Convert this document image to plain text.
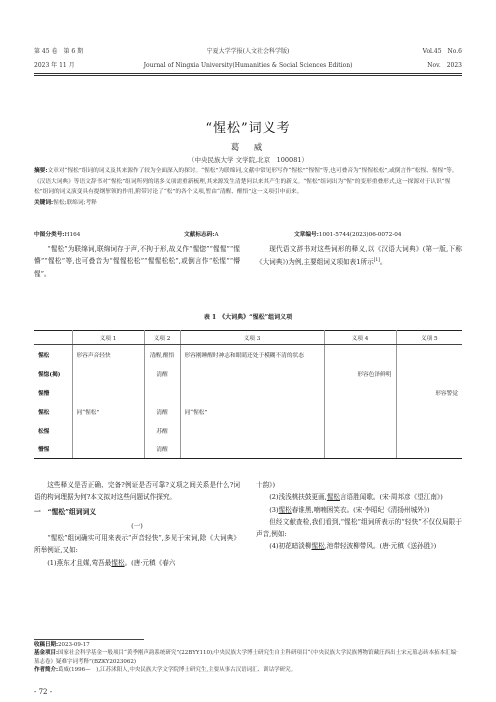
第 45 卷　第 6 期
2023 年 11 月
宁夏大学学报(人文社会科学版)
Journal of Ningxia University(Humanities & Social Sciences Edition)
Vol.45　No.6
Nov.　2023
“惺松”词义考
葛　威
（中央民族大学 文学院,北京　100081）
摘要:文章对“惺松”组词的词义及其来源作了较为全面深入的探讨。“惺松”为联绵词,文献中常见形写作“惺松”“惺惺”等,也可叠音为“惺惺松松”,或倒言作“松惺、惺惺”等。《汉语大词典》等语文辞书对“惺松”组词所列的诸多义项需重新梳理,其来源发生清楚问以来其产生的新义。“惺松”组词出为“惺”的变形重叠形式,这一探源对于认识“惺松”组词的词义演变具有提纲挈领的作用,附带讨论了“松”的各个义项,暂由“清醒、醒悟”这一义项引申而来。
关键词:惺松;联绵词;考释
中图分类号:H164	文献标志码:A	文章编号:1001-5744(2023)06-0072-04
“惺松”为联绵词,联绵词存于声,不拘于形,故义作“惺惚”“惺惺”“惺懵”“惺松”等,也可叠音为“惺惺松松”“惺惺松松”,或倒言作“松惺”“懵惺”。
现代语文辞书对这些词形的释义,以《汉语大词典》(第一版,下称《大词典》)为例,主要组词义项如表1所示[1]。
表 1　《大词典》“惺松”组词义项
	义项 1	义项 2	义项 3	义项 4	义项 5
惺松	形容声音轻快	清醒,醒悟	形容刚睡醒时神志和眼睛还处于模糊不清的状态		
惺惚(揭)		清醒		形容色泽鲜明	
惺懵					形容警觉
惺松	同“惺松”	清醒	同“惺松”		
松惺		苏醒			
懵惺		清醒			
这些释义是否正确、完备?例证是否可靠?义项之间关系是什么?词语的构词理据为何?本文拟对这些问题试作探究。
一　“惺松”组词词义
(一)
“惺松”组词确实可用来表示“声音轻快”,多见于宋词,除《大词典》所举例证,又如:
(1)燕东才且媒,莺吾最惺松。(唐·元稹《春六
十韵》)
(2)浅浅桃扶鼓更画,惺松言语胜闻歌。(宋·周邦彦《望江南》)
(3)惺松春谁黑,喃喃困笑衣。(宋·李昭纪《清扬州城外》)
但经文献查检,我们看到,“惺松”组词所表示的“轻快”不仅仅局限于声音,例如:
(4)初花暗淡柳惺松,池带轻波柳带风。(唐·元稹《送孙胜》)
收稿日期:2023-09-17
基金项目:国家社会科学基金一般项目“黄季刚声韵系统研究”(22BYY110);中央民族大学博士研究生自主科研项目“《中央民族大学民族博物馆藏汪西出土宋元墓志砖本拓本汇编·墓志卷》疑难字词考释”(BZKY2023062)
作者简介:葛威(1996—　),江苏沭阳人,中央民族大学文学院博士研究生,主要从事古汉语词汇、训诂学研究。
- 72 -
